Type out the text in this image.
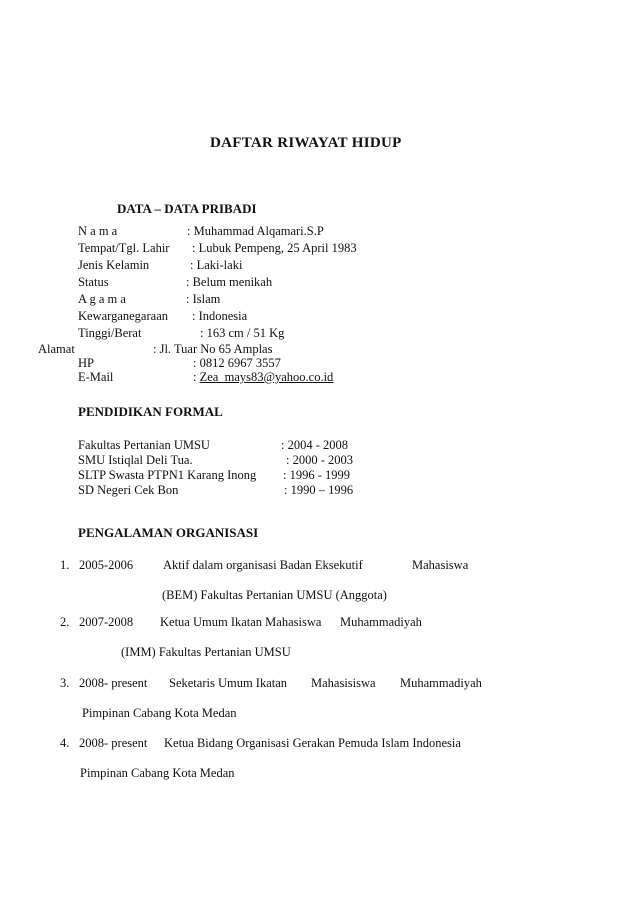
DAFTAR RIWAYAT HIDUP
DATA – DATA PRIBADI
N a m a	: Muhammad Alqamari.S.P
Tempat/Tgl. Lahir : Lubuk Pempeng, 25 April 1983
Jenis Kelamin	: Laki-laki
Status	: Belum menikah
A g a m a	: Islam
Kewarganegaraan : Indonesia
Tinggi/Berat	: 163 cm / 51 Kg
Alamat	: Jl. Tuar No 65 Amplas
HP	: 0812 6967 3557
E-Mail	: Zea_mays83@yahoo.co.id
PENDIDIKAN FORMAL
Fakultas Pertanian UMSU	: 2004 - 2008
SMU Istiqlal Deli Tua.	: 2000 - 2003
SLTP Swasta PTPN1 Karang Inong : 1996 - 1999
SD Negeri Cek Bon	: 1990 – 1996
PENGALAMAN ORGANISASI
1. 2005-2006 Aktif dalam organisasi Badan Eksekutif	Mahasiswa
(BEM) Fakultas Pertanian UMSU (Anggota)
2. 2007-2008 Ketua Umum Ikatan Mahasiswa Muhammadiyah
(IMM) Fakultas Pertanian UMSU
3. 2008- present Seketaris Umum Ikatan Mahasisiswa Muhammadiyah
Pimpinan Cabang Kota Medan
4. 2008- present Ketua Bidang Organisasi Gerakan Pemuda Islam Indonesia
Pimpinan Cabang Kota Medan
